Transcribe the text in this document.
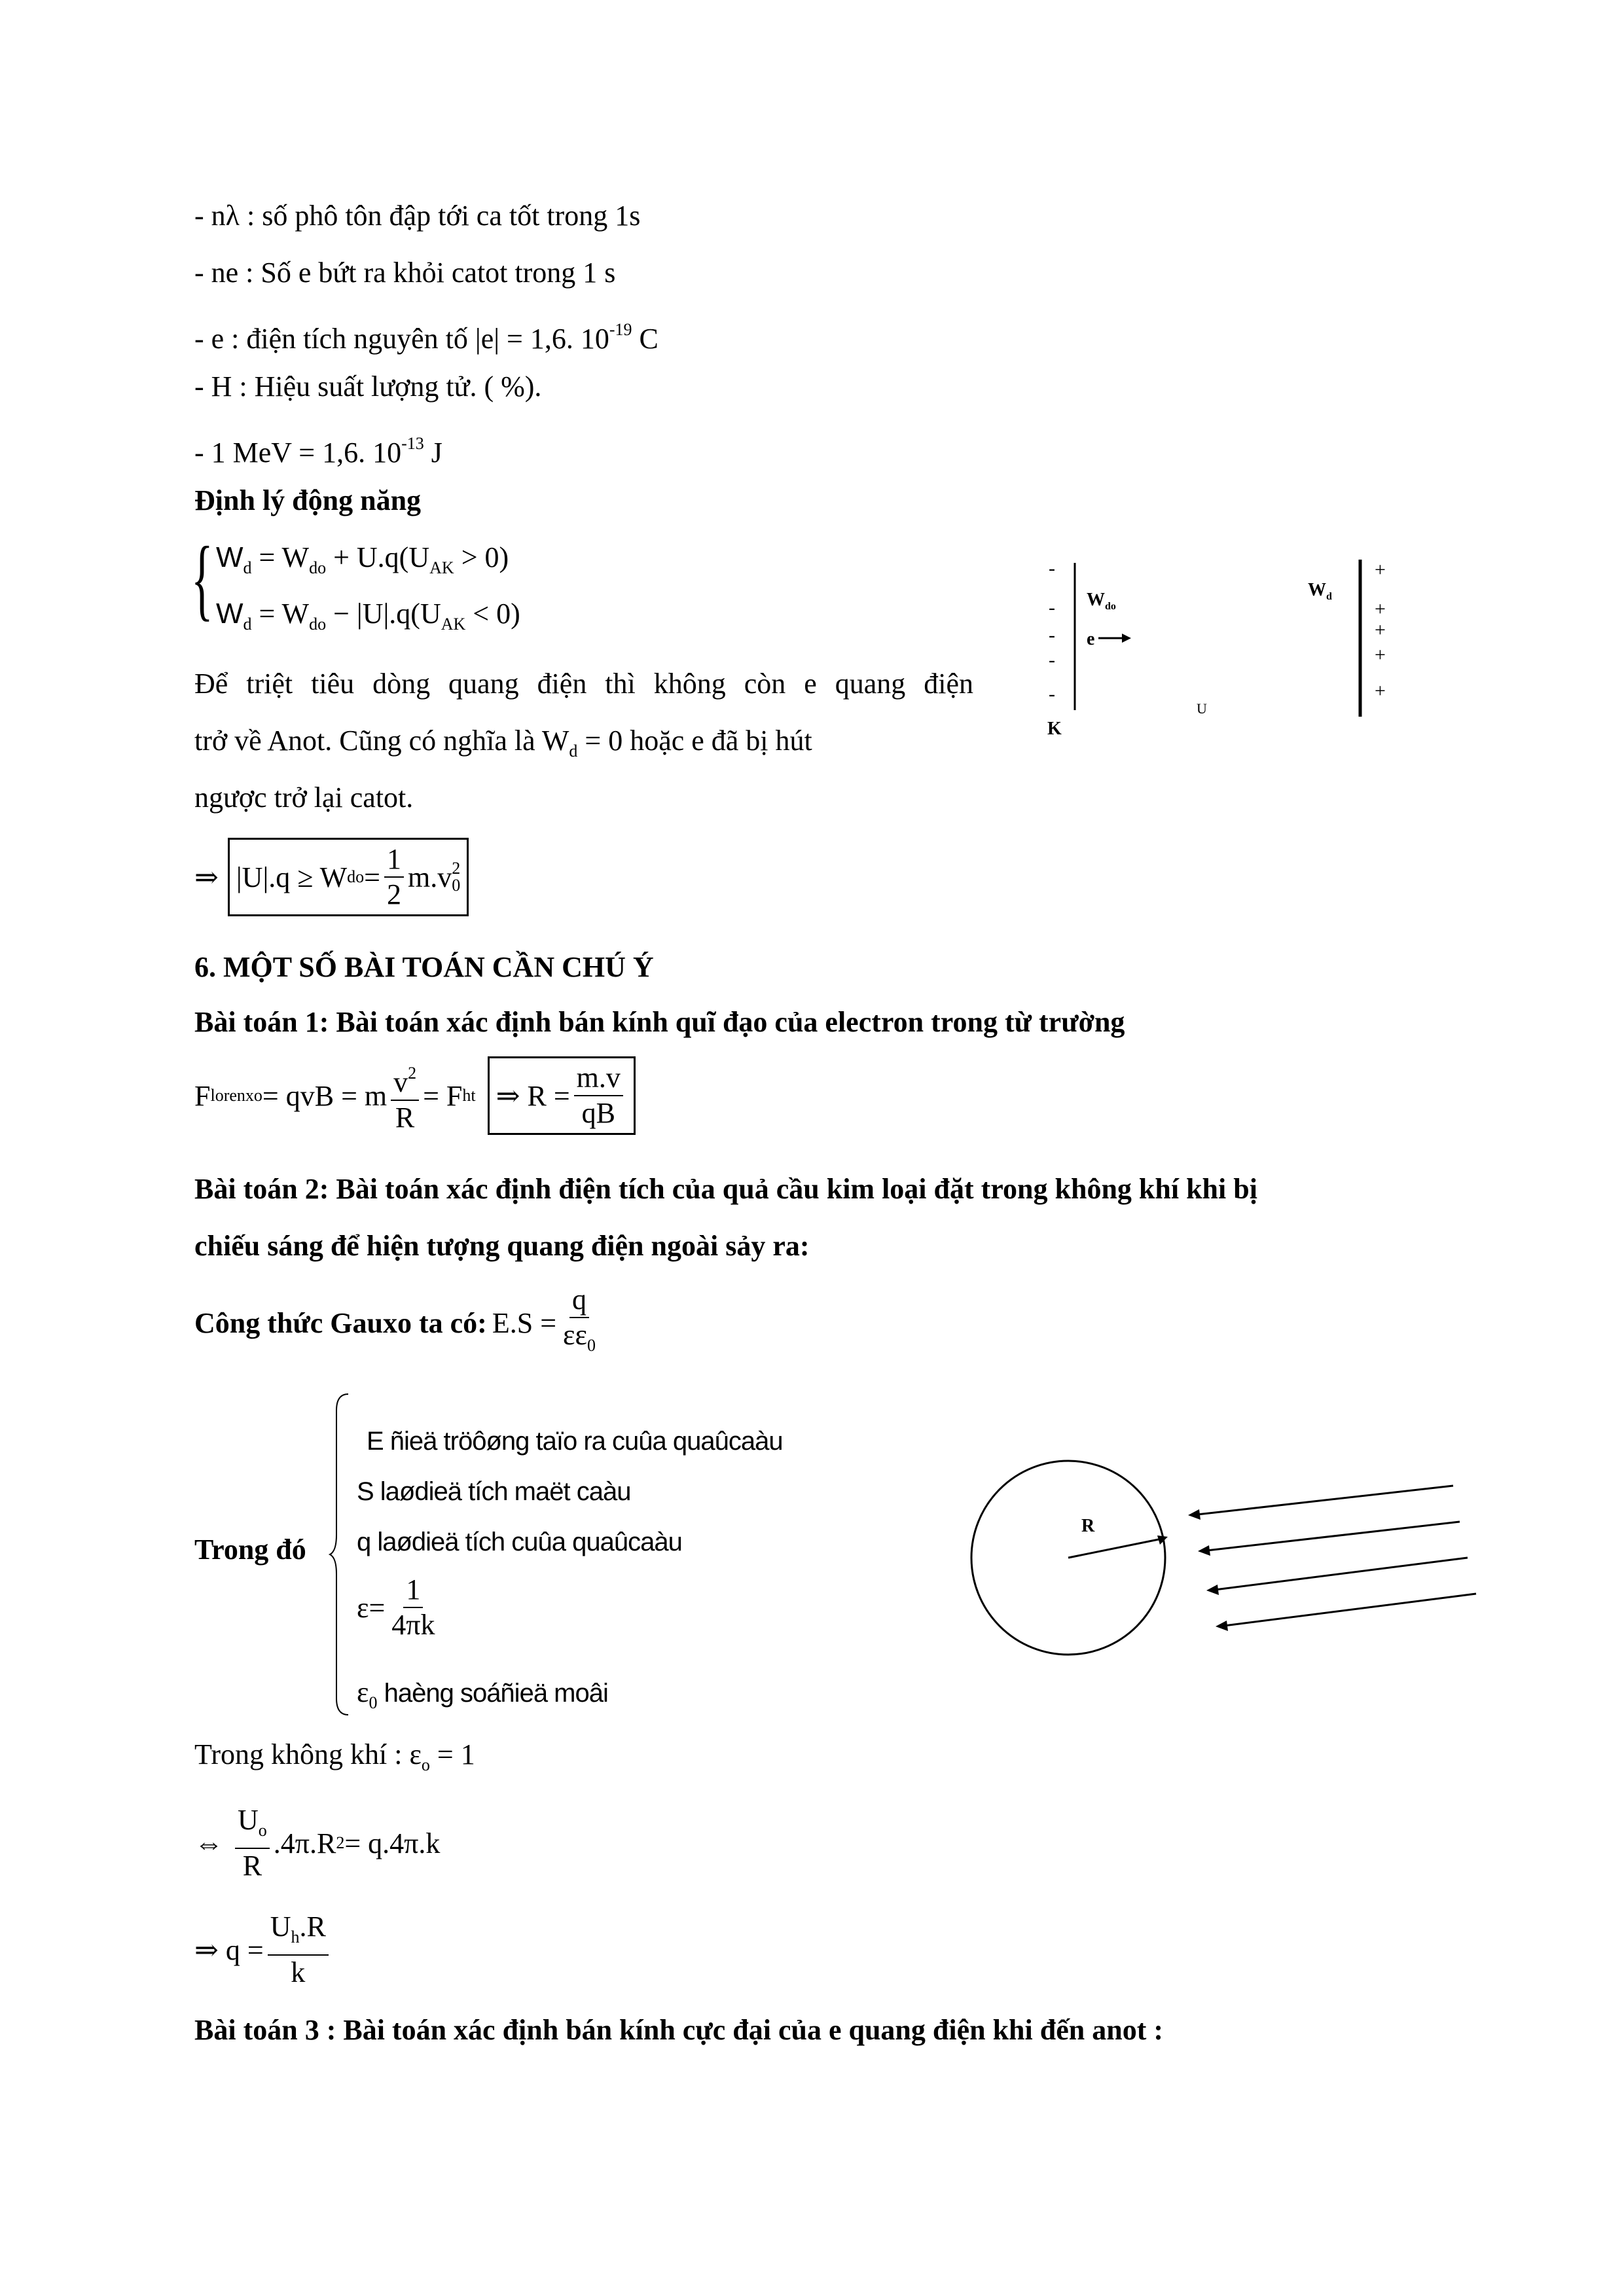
- nλ : số phô tôn đập tới ca tốt trong 1s
- ne : Số e bứt ra khỏi catot trong 1 s
- e : điện tích nguyên tố |e| = 1,6. $10^{-19}$ C
- H : Hiệu suất lượng tử. ( %).
- 1 MeV = 1,6. $10^{-13}$ J
Định lý động năng
{ $W_d = W_{do} + U.q(U_{AK} > 0)$
$W_d = W_{do} - |U|.q(U_{AK} < 0)$
Để triệt tiêu dòng quang điện thì không còn e quang điện
trở về Anot. Cũng có nghĩa là $W_d = 0$ hoặc e đã bị hút
ngược trở lại catot.
⇒ |U|.q ≥ W do = $\frac{1}{2} m.v$ 2
0
-
-
-
-
-
$W_{do}$
$W_d$
e
K
U
+
+
+
+
+
6. MỘT SỐ BÀI TOÁN CẦN CHÚ Ý
Bài toán 1: Bài toán xác định bán kính quĩ đạo của electron trong từ trường
F lorenxo = qvB = m $\frac{v^2}{R} = F$ ht ⇒ $R = \frac{m.v}{qB}$
Bài toán 2: Bài toán xác định điện tích của quả cầu kim loại đặt trong không khí khi bị
chiếu sáng để hiện tượng quang điện ngoài sảy ra:
Công thức Gauxo ta có: $E.S = \frac{q}{\varepsilon\varepsilon_0}$
Trong đó
E ñieä tröôøng taïo ra cuûa quaûcaàu
S laødieä tích maët caàu
q laødieä tích cuûa quaûcaàu
$\varepsilon= \frac{1}{4\pi k}$
$\varepsilon_0$ haèng soáñieä moâi
R
Trong không khí : $\varepsilon_o = 1$
⇔ $\frac{U_o}{R} .4\pi.R$ 2 = q.4π.k
⇒ $q = \frac{U_h.R}{k}$
Bài toán 3 : Bài toán xác định bán kính cực đại của e quang điện khi đến anot :
